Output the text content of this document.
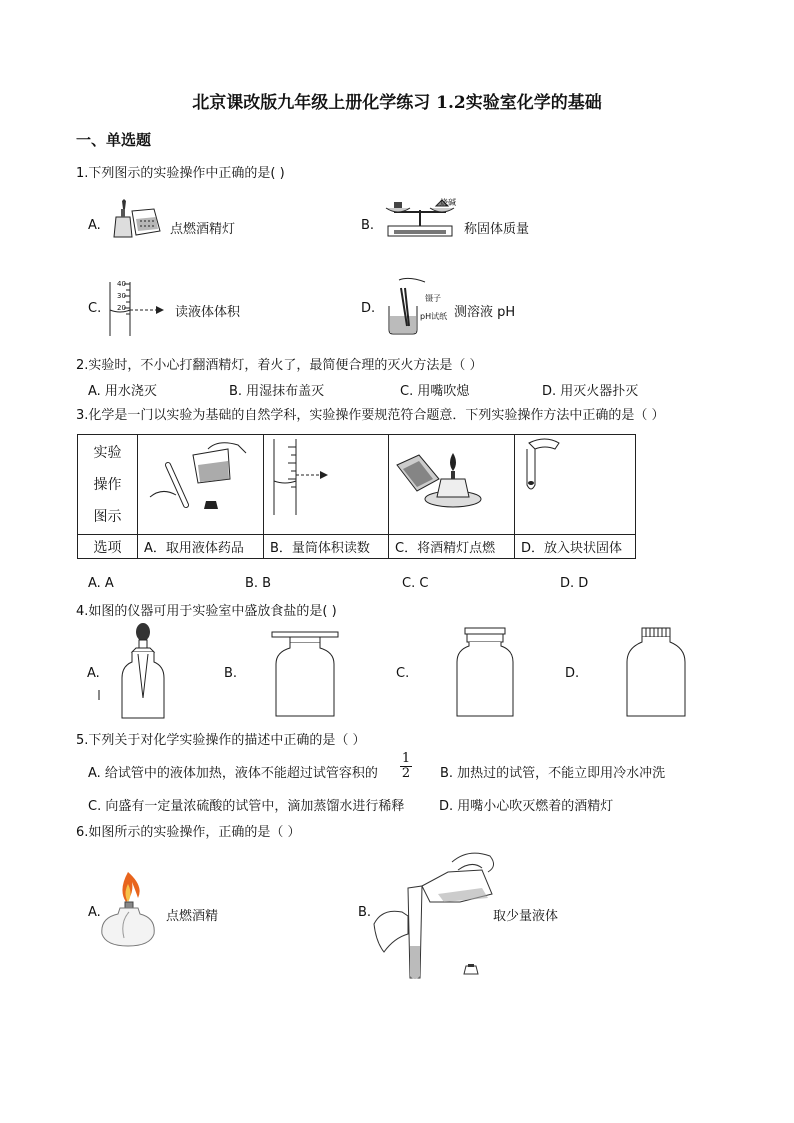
北京课改版九年级上册化学练习 1.2实验室化学的基础
一、单选题
1.下列图示的实验操作中正确的是( )
A.	点燃酒精灯	B.
烧碱
称固体质量
C.
40
30
20	读液体体积	D.
镊子
pH试纸 测溶液 pH
2.实验时，不小心打翻酒精灯，着火了，最简便合理的灭火方法是（ ）
A. 用水浇灭	B. 用湿抹布盖灭	C. 用嘴吹熄	D. 用灭火器扑灭
3.化学是一门以实验为基础的自然学科，实验操作要规范符合题意．下列实验操作方法中正确的是（ ）
实验
操作
图示

选项	A．取用液体药品	B．量筒体积读数	C．将酒精灯点燃	D．放入块状固体
A. A	B. B	C. C	D. D
4.如图的仪器可用于实验室中盛放食盐的是( )
A.	B.	C.	D.
5.下列关于对化学实验操作的描述中正确的是（ ）
A. 给试管中的液体加热，液体不能超过试管容积的 $\frac{1}{2} B$. 加热过的试管，不能立即用冷水冲洗
C. 向盛有一定量浓硫酸的试管中，滴加蒸馏水进行稀释	D. 用嘴小心吹灭燃着的酒精灯
6.如图所示的实验操作，正确的是（ ）
A.	点燃酒精	B.	取少量液体
